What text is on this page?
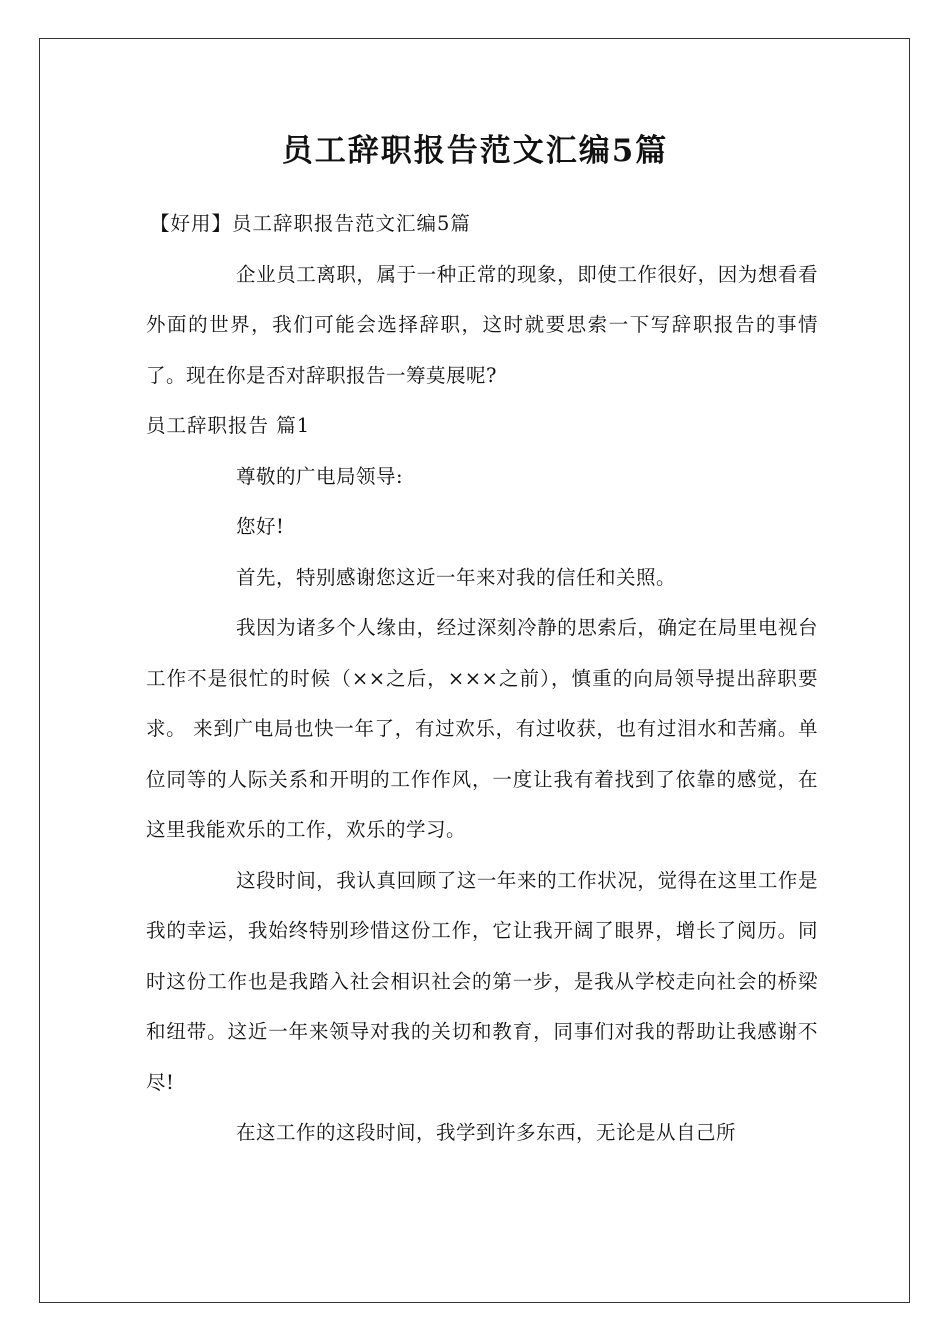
员工辞职报告范文汇编5篇

【好用】员工辞职报告范文汇编5篇

企业员工离职，属于一种正常的现象，即使工作很好，因为想看看外面的世界，我们可能会选择辞职，这时就要思索一下写辞职报告的事情了。现在你是否对辞职报告一筹莫展呢?

员工辞职报告 篇1

尊敬的广电局领导:

您好!

首先，特别感谢您这近一年来对我的信任和关照。

我因为诸多个人缘由，经过深刻冷静的思索后，确定在局里电视台工作不是很忙的时候（××之后，×××之前），慎重的向局领导提出辞职要求。 来到广电局也快一年了，有过欢乐，有过收获，也有过泪水和苦痛。单位同等的人际关系和开明的工作作风，一度让我有着找到了依靠的感觉，在这里我能欢乐的工作，欢乐的学习。

这段时间，我认真回顾了这一年来的工作状况，觉得在这里工作是我的幸运，我始终特别珍惜这份工作，它让我开阔了眼界，增长了阅历。同时这份工作也是我踏入社会相识社会的第一步，是我从学校走向社会的桥梁和纽带。这近一年来领导对我的关切和教育，同事们对我的帮助让我感谢不尽!

在这工作的这段时间，我学到许多东西，无论是从自己所
